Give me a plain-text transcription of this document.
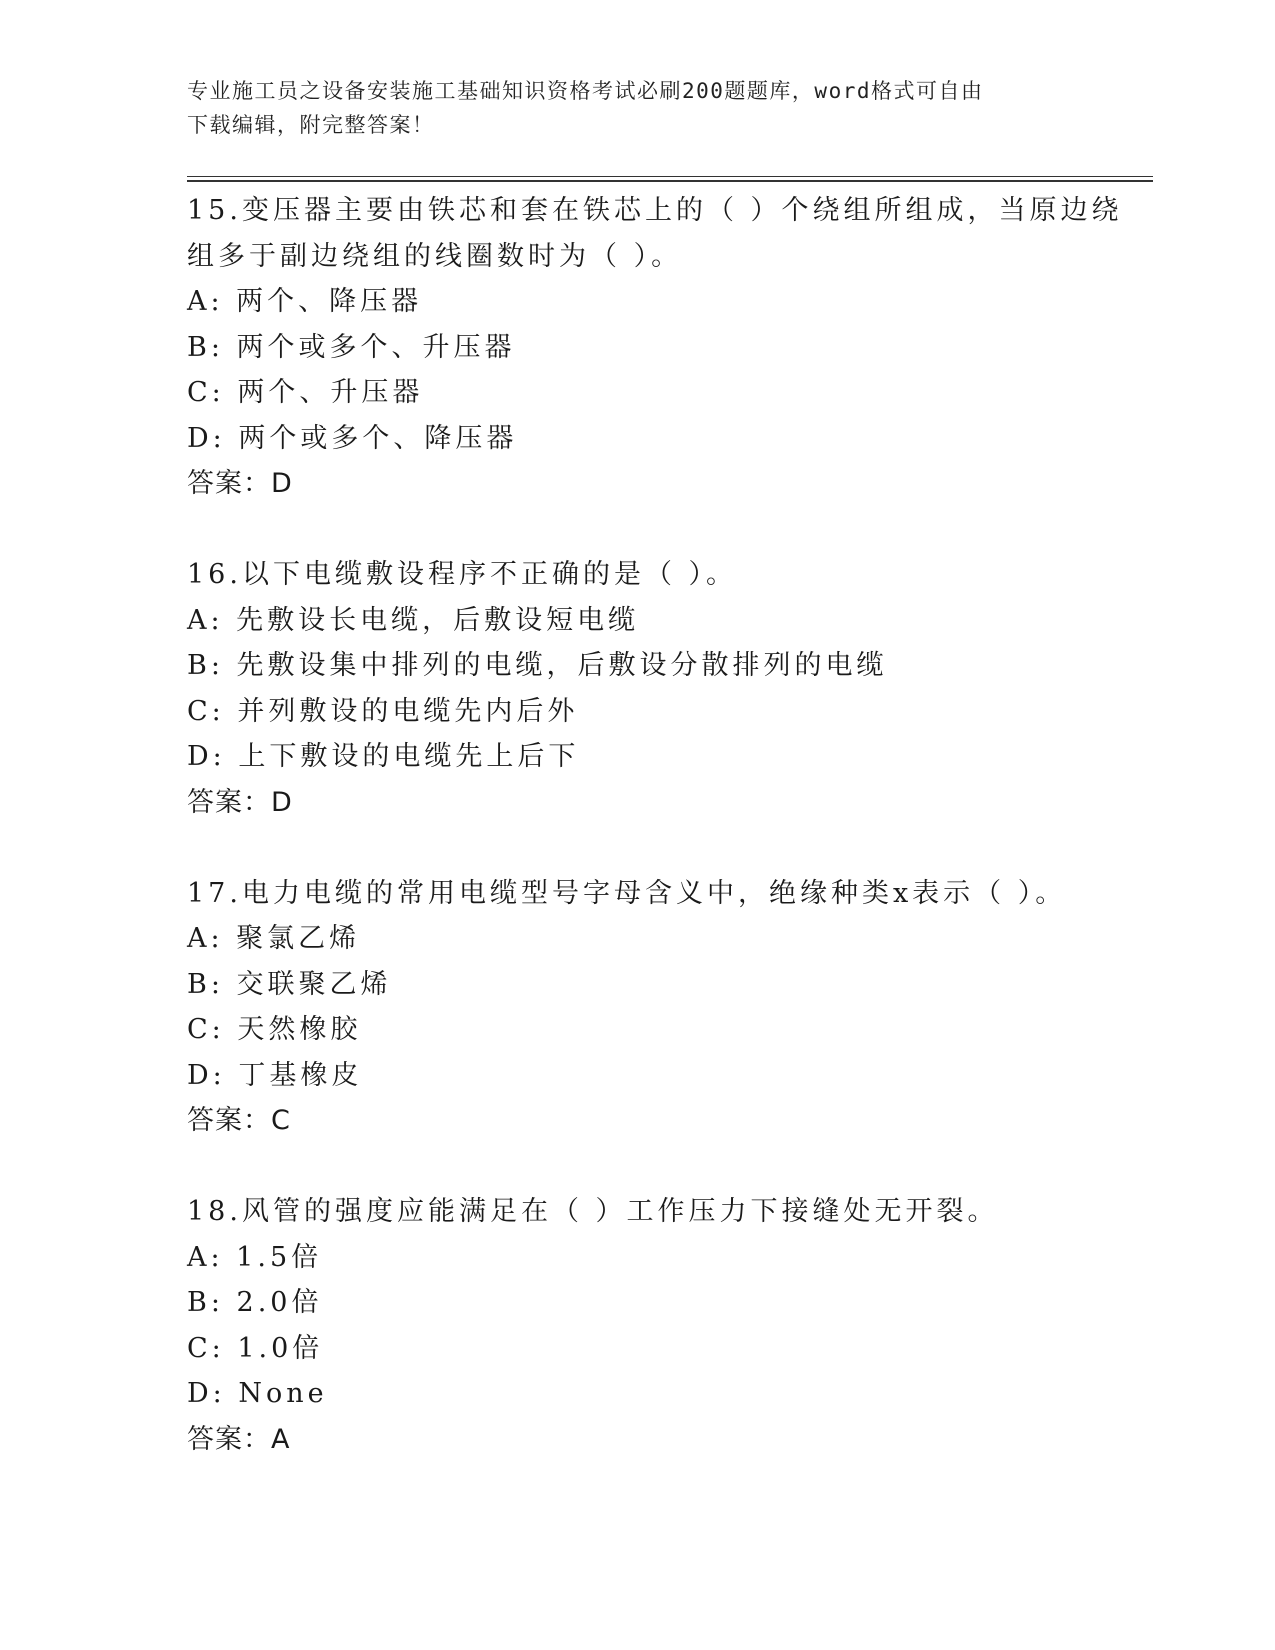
专业施工员之设备安装施工基础知识资格考试必刷200题题库，word格式可自由
下载编辑，附完整答案！
15.变压器主要由铁芯和套在铁芯上的（ ）个绕组所组成，当原边绕
组多于副边绕组的线圈数时为（ ）。
A: 两个、降压器
B: 两个或多个、升压器
C: 两个、升压器
D: 两个或多个、降压器
答案：D
16.以下电缆敷设程序不正确的是（ ）。
A: 先敷设长电缆，后敷设短电缆
B: 先敷设集中排列的电缆，后敷设分散排列的电缆
C: 并列敷设的电缆先内后外
D: 上下敷设的电缆先上后下
答案：D
17.电力电缆的常用电缆型号字母含义中，绝缘种类x表示（ ）。
A: 聚氯乙烯
B: 交联聚乙烯
C: 天然橡胶
D: 丁基橡皮
答案：C
18.风管的强度应能满足在（ ）工作压力下接缝处无开裂。
A: 1.5倍
B: 2.0倍
C: 1.0倍
D: None
答案：A
